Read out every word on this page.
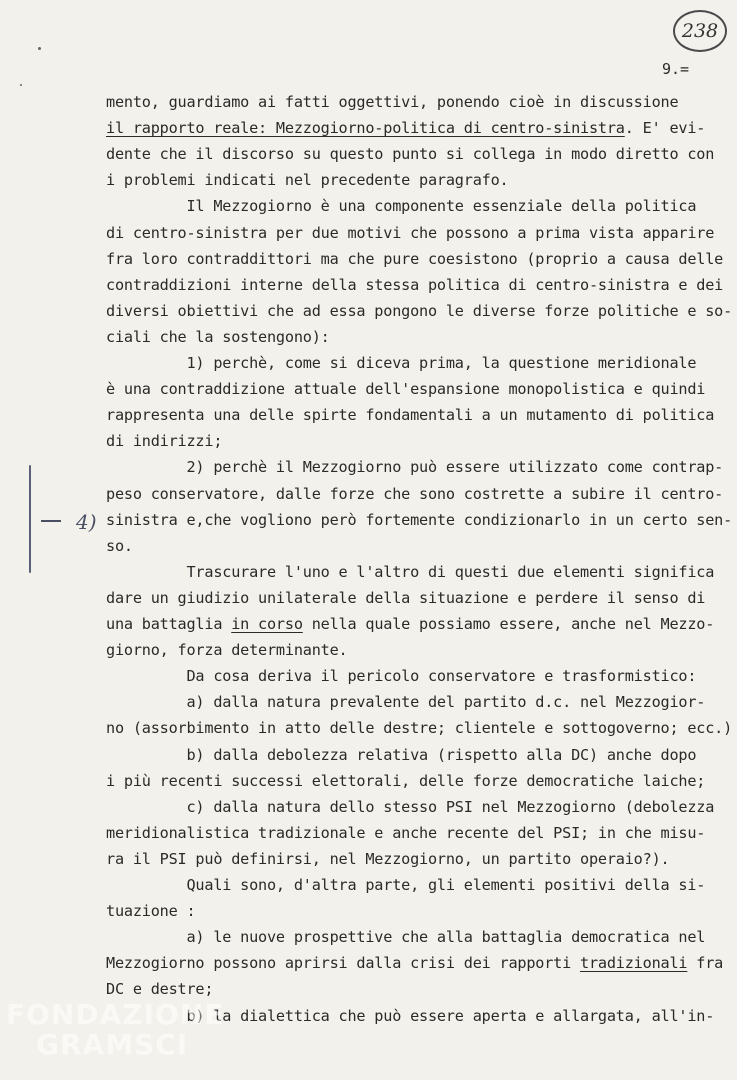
238
9.=
4)
mento, guardiamo ai fatti oggettivi, ponendo cioè in discussione
il rapporto reale: Mezzogiorno-politica di centro-sinistra. E' evi-
dente che il discorso su questo punto si collega in modo diretto con
i problemi indicati nel precedente paragrafo.
Il Mezzogiorno è una componente essenziale della politica
di centro-sinistra per due motivi che possono a prima vista apparire
fra loro contraddittori ma che pure coesistono (proprio a causa delle
contraddizioni interne della stessa politica di centro-sinistra e dei
diversi obiettivi che ad essa pongono le diverse forze politiche e so-
ciali che la sostengono):
1) perchè, come si diceva prima, la questione meridionale
è una contraddizione attuale dell'espansione monopolistica e quindi
rappresenta una delle spirte fondamentali a un mutamento di politica
di indirizzi;
2) perchè il Mezzogiorno può essere utilizzato come contrap-
peso conservatore, dalle forze che sono costrette a subire il centro-
sinistra e,che vogliono però fortemente condizionarlo in un certo sen-
so.
Trascurare l'uno e l'altro di questi due elementi significa
dare un giudizio unilaterale della situazione e perdere il senso di
una battaglia in corso nella quale possiamo essere, anche nel Mezzo-
giorno, forza determinante.
Da cosa deriva il pericolo conservatore e trasformistico:
a) dalla natura prevalente del partito d.c. nel Mezzogior-
no (assorbimento in atto delle destre; clientele e sottogoverno; ecc.)
b) dalla debolezza relativa (rispetto alla DC) anche dopo
i più recenti successi elettorali, delle forze democratiche laiche;
c) dalla natura dello stesso PSI nel Mezzogiorno (debolezza
meridionalistica tradizionale e anche recente del PSI; in che misu-
ra il PSI può definirsi, nel Mezzogiorno, un partito operaio?).
Quali sono, d'altra parte, gli elementi positivi della si-
tuazione :
a) le nuove prospettive che alla battaglia democratica nel
Mezzogiorno possono aprirsi dalla crisi dei rapporti tradizionali fra
DC e destre;
b) la dialettica che può essere aperta e allargata, all'in-
FONDAZIONE
GRAMSCI
